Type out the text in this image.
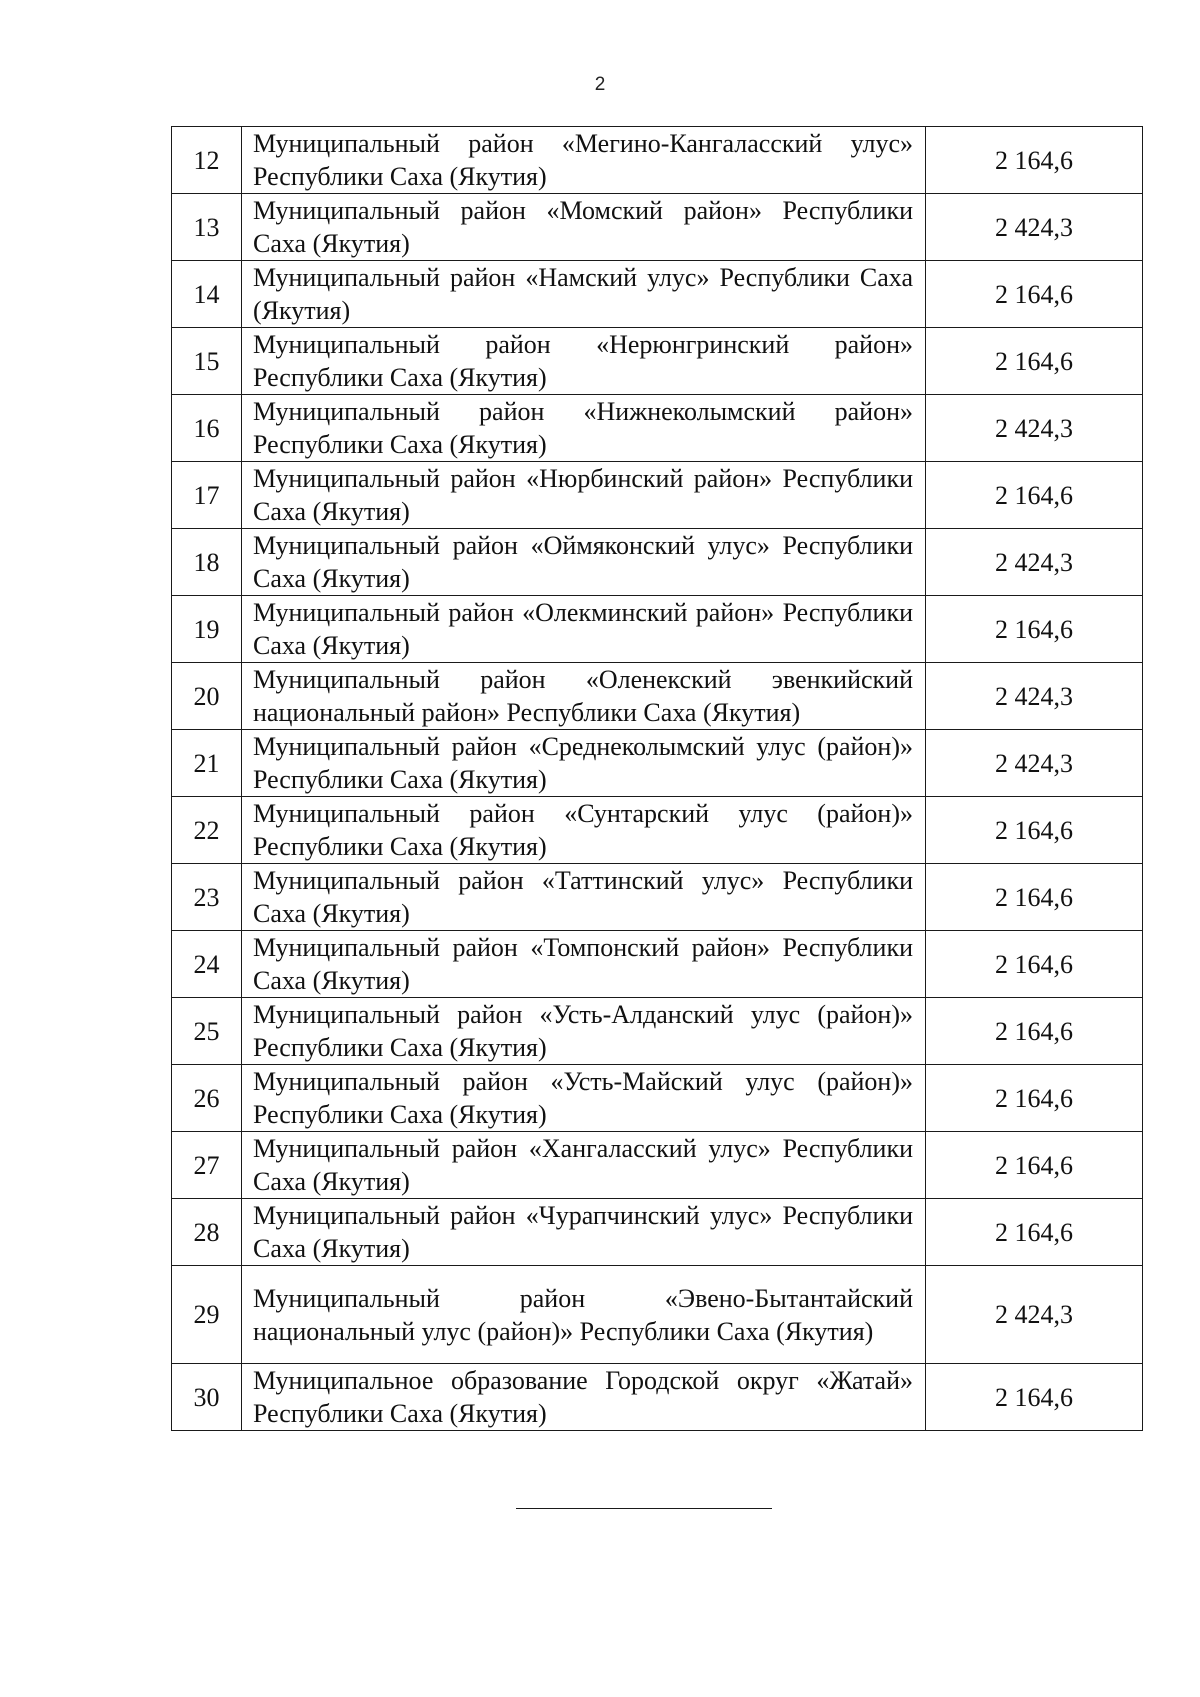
2
12	Муниципальный район «Мегино-Кангаласский улус» Республики Саха (Якутия)	2 164,6
13	Муниципальный район «Момский район» Республики Саха (Якутия)	2 424,3
14	Муниципальный район «Намский улус» Республики Саха (Якутия)	2 164,6
15	Муниципальный район «Нерюнгринский район» Республики Саха (Якутия)	2 164,6
16	Муниципальный район «Нижнеколымский район» Республики Саха (Якутия)	2 424,3
17	Муниципальный район «Нюрбинский район» Республики Саха (Якутия)	2 164,6
18	Муниципальный район «Оймяконский улус» Республики Саха (Якутия)	2 424,3
19	Муниципальный район «Олекминский район» Республики Саха (Якутия)	2 164,6
20	Муниципальный район «Оленекский эвенкийский национальный район» Республики Саха (Якутия)	2 424,3
21	Муниципальный район «Среднеколымский улус (район)» Республики Саха (Якутия)	2 424,3
22	Муниципальный район «Сунтарский улус (район)» Республики Саха (Якутия)	2 164,6
23	Муниципальный район «Таттинский улус» Республики Саха (Якутия)	2 164,6
24	Муниципальный район «Томпонский район» Республики Саха (Якутия)	2 164,6
25	Муниципальный район «Усть-Алданский улус (район)» Республики Саха (Якутия)	2 164,6
26	Муниципальный район «Усть-Майский улус (район)» Республики Саха (Якутия)	2 164,6
27	Муниципальный район «Хангаласский улус» Республики Саха (Якутия)	2 164,6
28	Муниципальный район «Чурапчинский улус» Республики Саха (Якутия)	2 164,6
29	Муниципальный район «Эвено-Бытантайский национальный улус (район)» Республики Саха (Якутия)	2 424,3
30	Муниципальное образование Городской округ «Жатай» Республики Саха (Якутия)	2 164,6
